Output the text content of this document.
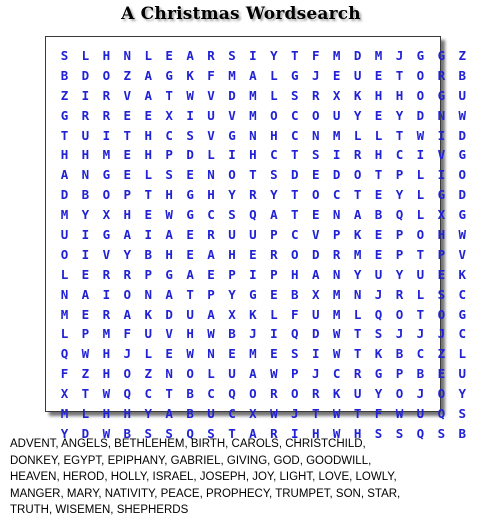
A Christmas Wordsearch
S	L	H	N	L	E	A	R	S	I	Y	T	F	M	D	M	J	G	G	Z
B	D	O	Z	A	G	K	F	M	A	L	G	J	E	U	E	T	O	R	B
Z	I	R	V	A	T	W	V	D	M	L	S	R	X	K	H	H	O	G	U
G	R	R	E	E	X	I	U	V	M	O	C	O	U	Y	E	Y	D	N	W
T	U	I	T	H	C	S	V	G	N	H	C	N	M	L	L	T	W	I	D
H	H	M	E	H	P	D	L	I	H	C	T	S	I	R	H	C	I	V	G
A	N	G	E	L	S	E	N	O	T	S	D	E	D	O	T	P	L	I	O
D	B	O	P	T	H	G	H	Y	R	Y	T	O	C	T	E	Y	L	G	D
M	Y	X	H	E	W	G	C	S	Q	A	T	E	N	A	B	Q	L	X	G
U	I	G	A	I	A	E	R	U	U	P	C	V	P	K	E	P	O	H	W
O	I	V	Y	B	H	E	A	H	E	R	O	D	R	M	E	P	T	P	V
L	E	R	R	P	G	A	E	P	I	P	H	A	N	Y	U	Y	U	E	K
N	A	I	O	N	A	T	P	Y	G	E	B	X	M	N	J	R	L	S	C
M	E	R	A	K	D	U	A	X	K	L	F	U	M	L	Q	O	T	O	G
L	P	M	F	U	V	H	W	B	J	I	Q	D	W	T	S	J	J	J	C
Q	W	H	J	L	E	W	N	E	M	E	S	I	W	T	K	B	C	Z	L
F	Z	H	O	Z	N	O	L	U	A	W	P	J	C	R	G	P	B	E	U
X	T	W	Q	C	T	B	C	Q	O	R	O	R	K	U	Y	O	J	O	Y
M	L	H	H	Y	A	B	U	C	X	W	J	T	W	T	F	W	U	Q	S
Y	D	W	B	S	S	Q	S	T	A	R	I	H	W	H	S	S	Q	S	B
ADVENT, ANGELS, BETHLEHEM, BIRTH, CAROLS, CHRISTCHILD,
DONKEY, EGYPT, EPIPHANY, GABRIEL, GIVING, GOD, GOODWILL,
HEAVEN, HEROD, HOLLY, ISRAEL, JOSEPH, JOY, LIGHT, LOVE, LOWLY,
MANGER, MARY, NATIVITY, PEACE, PROPHECY, TRUMPET, SON, STAR,
TRUTH, WISEMEN, SHEPHERDS
